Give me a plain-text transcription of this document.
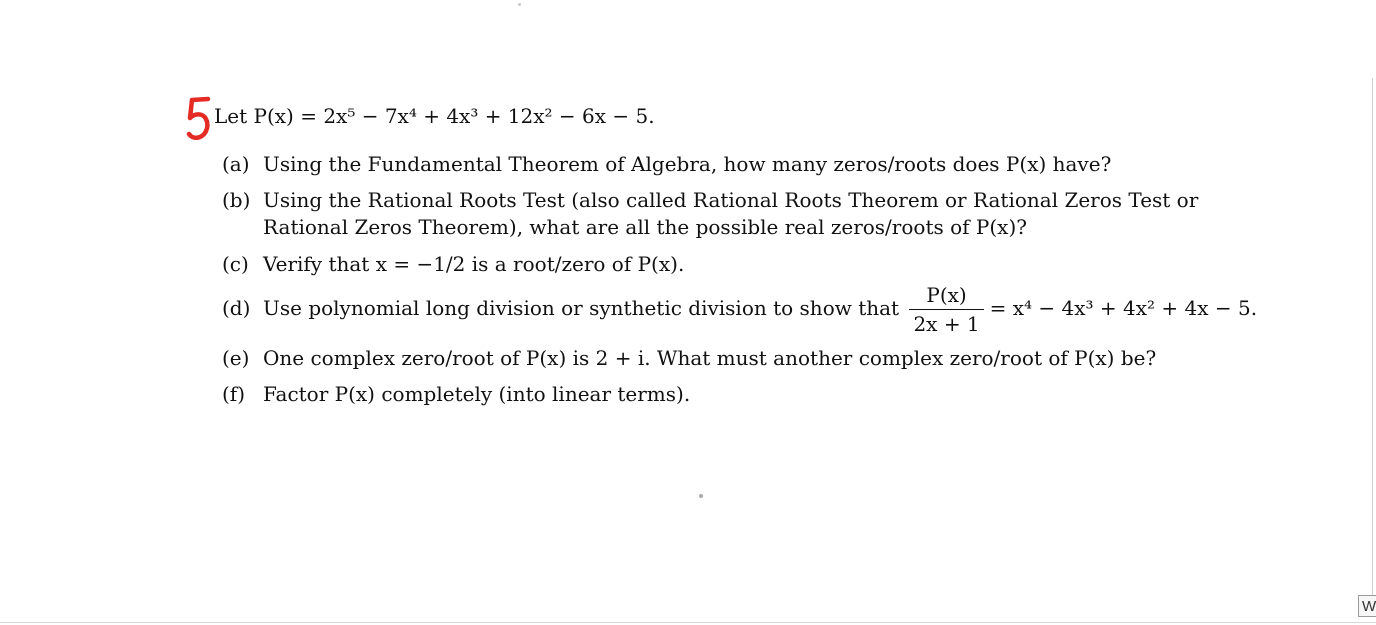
Let P(x) = 2x⁵ − 7x⁴ + 4x³ + 12x² − 6x − 5.
(a) Using the Fundamental Theorem of Algebra, how many zeros/roots does P(x) have?
(b) Using the Rational Roots Test (also called Rational Roots Theorem or Rational Zeros Test or
Rational Zeros Theorem), what are all the possible real zeros/roots of P(x)?
(c) Verify that x = −1/2 is a root/zero of P(x).
(d) Use polynomial long division or synthetic division to show that $\frac{P(x)}{2x + 1} = x^4 - 4x^3 + 4x^2 + 4x - 5$.
(e) One complex zero/root of P(x) is 2 + i. What must another complex zero/root of P(x) be?
(f) Factor P(x) completely (into linear terms).
W
